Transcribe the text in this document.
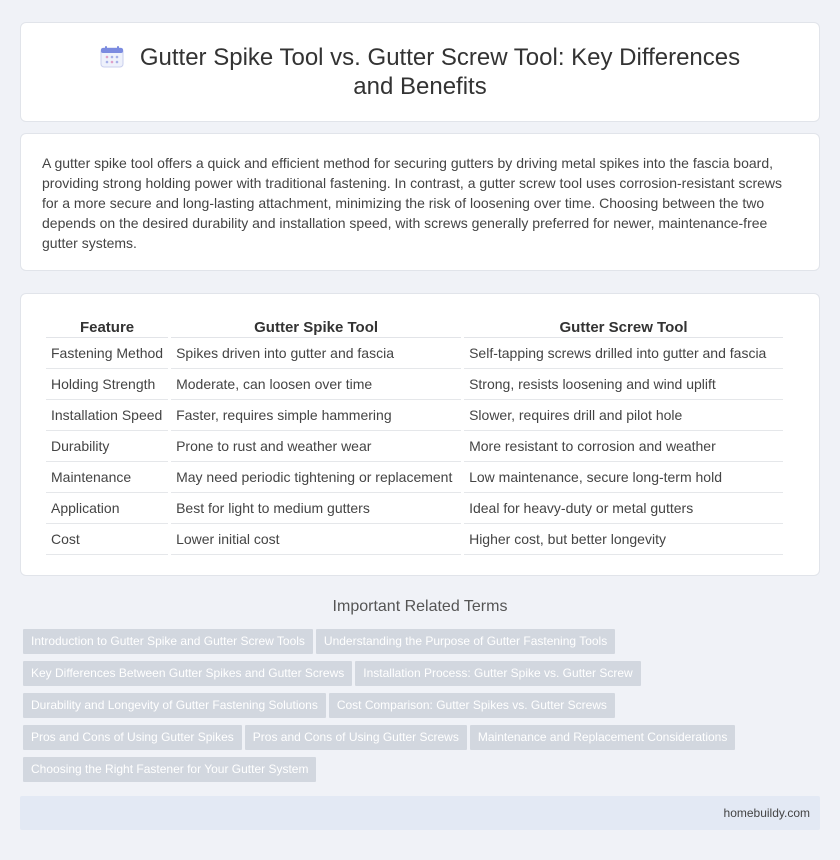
Gutter Spike Tool vs. Gutter Screw Tool: Key Differences and Benefits

A gutter spike tool offers a quick and efficient method for securing gutters by driving metal spikes into the fascia board, providing strong holding power with traditional fastening. In contrast, a gutter screw tool uses corrosion-resistant screws for a more secure and long-lasting attachment, minimizing the risk of loosening over time. Choosing between the two depends on the desired durability and installation speed, with screws generally preferred for newer, maintenance-free gutter systems.

Feature	Gutter Spike Tool	Gutter Screw Tool
Fastening Method	Spikes driven into gutter and fascia	Self-tapping screws drilled into gutter and fascia
Holding Strength	Moderate, can loosen over time	Strong, resists loosening and wind uplift
Installation Speed	Faster, requires simple hammering	Slower, requires drill and pilot hole
Durability	Prone to rust and weather wear	More resistant to corrosion and weather
Maintenance	May need periodic tightening or replacement	Low maintenance, secure long-term hold
Application	Best for light to medium gutters	Ideal for heavy-duty or metal gutters
Cost	Lower initial cost	Higher cost, but better longevity
Important Related Terms
Introduction to Gutter Spike and Gutter Screw Tools Understanding the Purpose of Gutter Fastening Tools
Key Differences Between Gutter Spikes and Gutter Screws Installation Process: Gutter Spike vs. Gutter Screw
Durability and Longevity of Gutter Fastening Solutions Cost Comparison: Gutter Spikes vs. Gutter Screws
Pros and Cons of Using Gutter Spikes Pros and Cons of Using Gutter Screws Maintenance and Replacement Considerations
Choosing the Right Fastener for Your Gutter System
homebuildy.com
